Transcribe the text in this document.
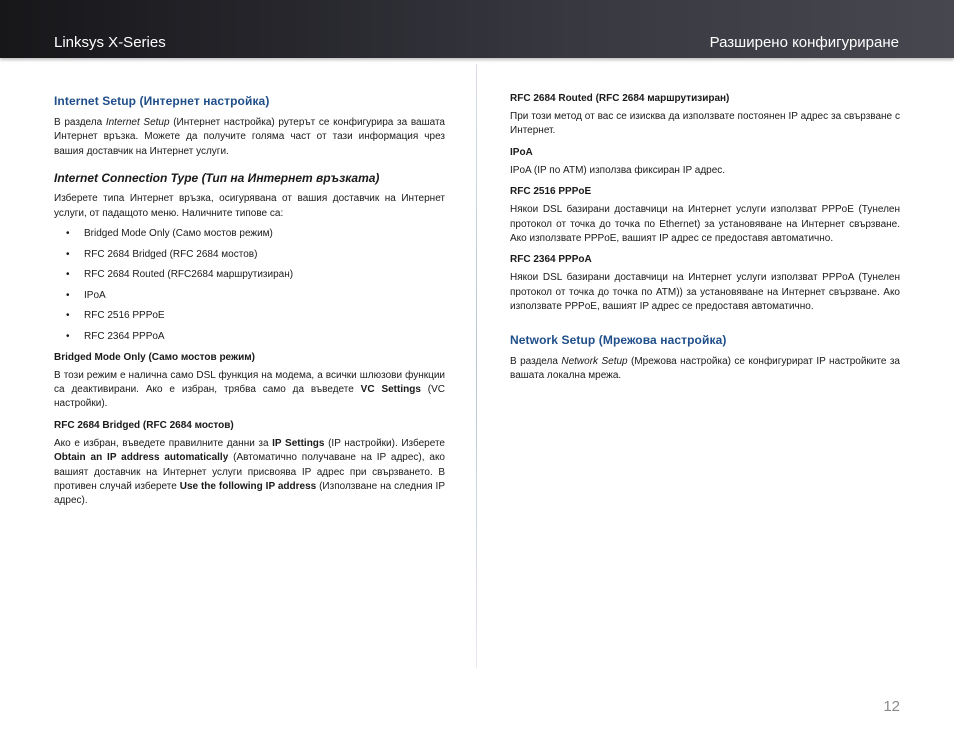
Linksys X-Series	Разширено конфигуриране
Internet Setup (Интернет настройка)

В раздела Internet Setup (Интернет настройка) рутерът се конфигурира за вашата Интернет връзка. Можете да получите голяма част от тази информация чрез вашия доставчик на Интернет услуги.

Internet Connection Type (Тип на Интернет връзката)

Изберете типа Интернет връзка, осигурявана от вашия доставчик на Интернет услуги, от падащото меню. Наличните типове са:

• Bridged Mode Only (Само мостов режим)
• RFC 2684 Bridged (RFC 2684 мостов)
• RFC 2684 Routed (RFC2684 маршрутизиран)
• IPoA
• RFC 2516 PPPoE
• RFC 2364 PPPoA
Bridged Mode Only (Само мостов режим)

В този режим е налична само DSL функция на модема, а всички шлюзови функции са деактивирани. Ако е избран, трябва само да въведете VC Settings (VC настройки).

RFC 2684 Bridged (RFC 2684 мостов)

Ако е избран, въведете правилните данни за IP Settings (IP настройки). Изберете Obtain an IP address automatically (Автоматично получаване на IP адрес), ако вашият доставчик на Интернет услуги присвоява IP адрес при свързването. В противен случай изберете Use the following IP address (Използване на следния IP адрес).

RFC 2684 Routed (RFC 2684 маршрутизиран)

При този метод от вас се изисква да използвате постоянен IP адрес за свързване с Интернет.

IPoA

IPoA (IP по ATM) използва фиксиран IP адрес.

RFC 2516 PPPoE

Някои DSL базирани доставчици на Интернет услуги използват PPPoE (Тунелен протокол от точка до точка по Ethernet) за установяване на Интернет свързване. Ако използвате PPPoE, вашият IP адрес се предоставя автоматично.

RFC 2364 PPPoA

Някои DSL базирани доставчици на Интернет услуги използват PPPoA (Тунелен протокол от точка до точка по ATM)) за установяване на Интернет свързване. Ако използвате PPPoE, вашият IP адрес се предоставя автоматично.

Network Setup (Мрежова настройка)

В раздела Network Setup (Мрежова настройка) се конфигурират IP настройките за вашата локална мрежа.

12
